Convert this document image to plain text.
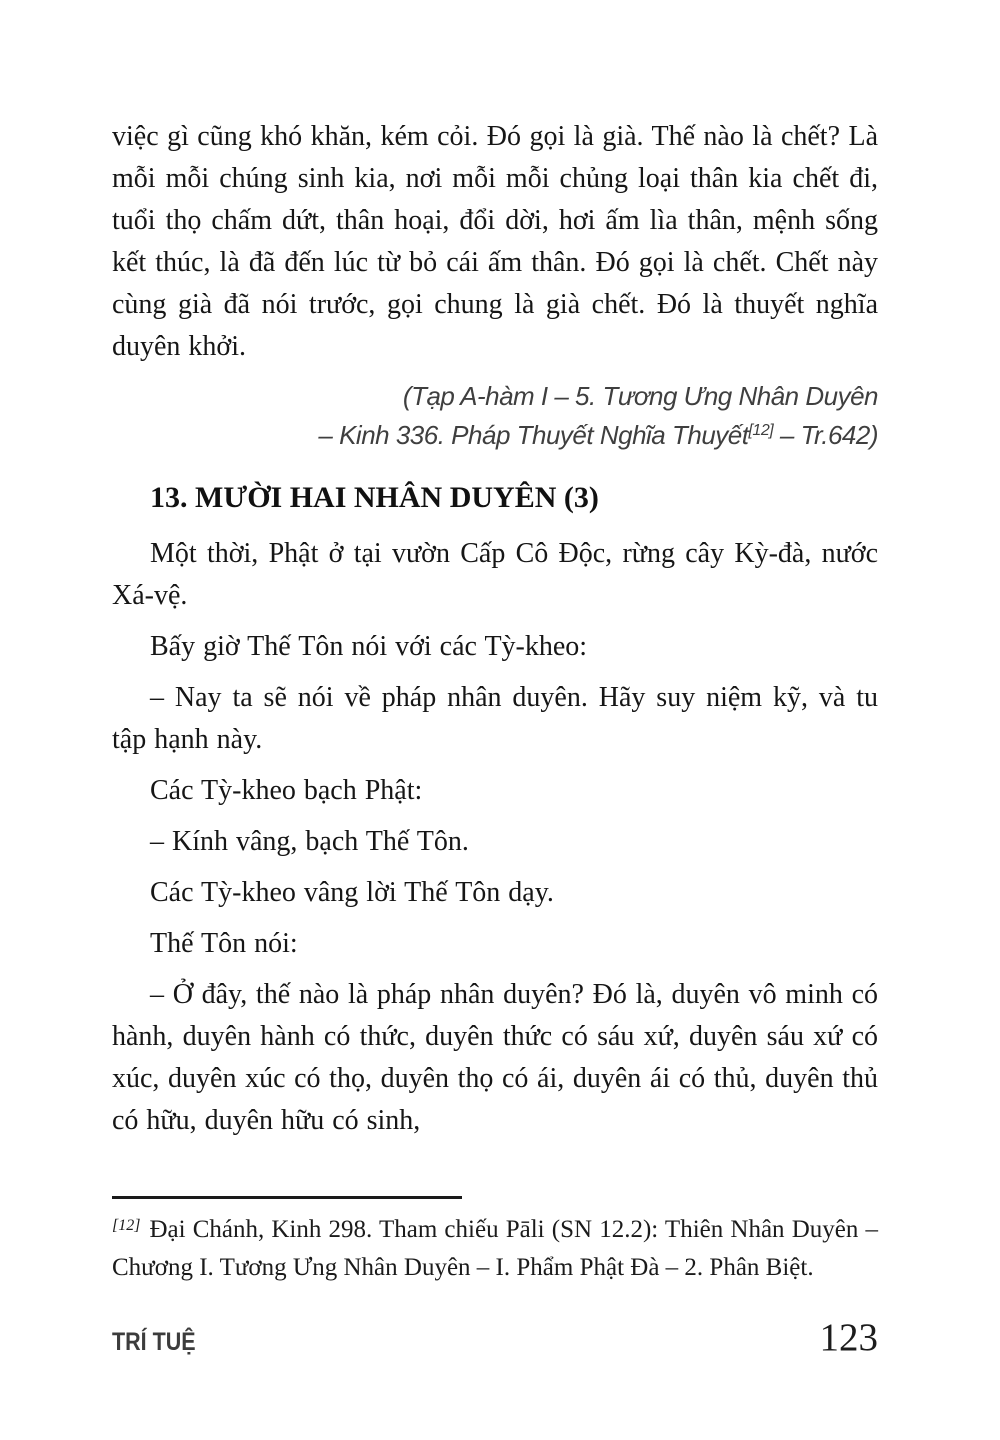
việc gì cũng khó khăn, kém cỏi. Đó gọi là già. Thế nào là chết? Là mỗi mỗi chúng sinh kia, nơi mỗi mỗi chủng loại thân kia chết đi, tuổi thọ chấm dứt, thân hoại, đổi dời, hơi ấm lìa thân, mệnh sống kết thúc, là đã đến lúc từ bỏ cái ấm thân. Đó gọi là chết. Chết này cùng già đã nói trước, gọi chung là già chết. Đó là thuyết nghĩa duyên khởi.

(Tạp A-hàm I – 5. Tương Ưng Nhân Duyên
– Kinh 336. Pháp Thuyết Nghĩa Thuyết[12] – Tr.642)
13. MƯỜI HAI NHÂN DUYÊN (3)

Một thời, Phật ở tại vườn Cấp Cô Độc, rừng cây Kỳ-đà, nước Xá-vệ.

Bấy giờ Thế Tôn nói với các Tỳ-kheo:

– Nay ta sẽ nói về pháp nhân duyên. Hãy suy niệm kỹ, và tu tập hạnh này.

Các Tỳ-kheo bạch Phật:

– Kính vâng, bạch Thế Tôn.

Các Tỳ-kheo vâng lời Thế Tôn dạy.

Thế Tôn nói:

– Ở đây, thế nào là pháp nhân duyên? Đó là, duyên vô minh có hành, duyên hành có thức, duyên thức có sáu xứ, duyên sáu xứ có xúc, duyên xúc có thọ, duyên thọ có ái, duyên ái có thủ, duyên thủ có hữu, duyên hữu có sinh,

[12] Đại Chánh, Kinh 298. Tham chiếu Pāli (SN 12.2): Thiên Nhân Duyên – Chương I. Tương Ưng Nhân Duyên – I. Phẩm Phật Đà – 2. Phân Biệt.
TRÍ TUỆ	123
